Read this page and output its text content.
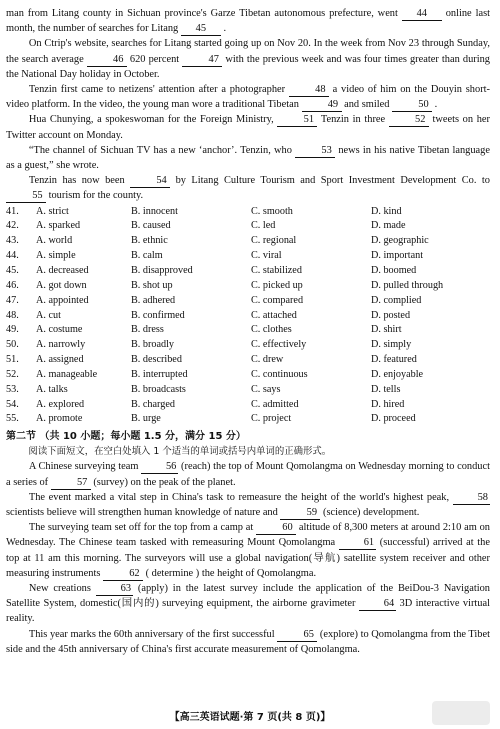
man from Litang county in Sichuan province's Garze Tibetan autonomous prefecture, went 44 online last month, the number of searches for Litang 45 .

On Ctrip's website, searches for Litang started going up on Nov 20. In the week from Nov 23 through Sunday, the search average	46 620 percent	47 with the previous week and was four times greater than during the National Day holiday in October.

Tenzin first came to netizens' attention after a photographer	48 a video of him on the Douyin short-video platform. In the video, the young man wore a traditional Tibetan	49 and smiled	50 .

Hua Chunying, a spokeswoman for the Foreign Ministry,	51 Tenzin in three	52 tweets on her Twitter account on Monday.

“The channel of Sichuan TV has a new ‘anchor’. Tenzin, who	53 news in his native Tibetan language as a guest,” she wrote.

Tenzin has now been	54 by Litang Culture Tourism and Sport Investment Development Co. to 55 tourism for the county.

41.	A. strict	B. innocent	C. smooth	D. kind
42.	A. sparked	B. caused	C. led	D. made
43.	A. world	B. ethnic	C. regional	D. geographic
44.	A. simple	B. calm	C. viral	D. important
45.	A. decreased	B. disapproved	C. stabilized	D. boomed
46.	A. got down	B. shot up	C. picked up	D. pulled through
47.	A. appointed	B. adhered	C. compared	D. complied
48.	A. cut	B. confirmed	C. attached	D. posted
49.	A. costume	B. dress	C. clothes	D. shirt
50.	A. narrowly	B. broadly	C. effectively	D. simply
51.	A. assigned	B. described	C. drew	D. featured
52.	A. manageable	B. interrupted	C. continuous	D. enjoyable
53.	A. talks	B. broadcasts	C. says	D. tells
54.	A. explored	B. charged	C. admitted	D. hired
55.	A. promote	B. urge	C. project	D. proceed
第二节 （共 10 小题；每小题 1.5 分，满分 15 分）

阅读下面短文，在空白处填入 1 个适当的单词或括号内单词的正确形式。

A Chinese surveying team 56 (reach) the top of Mount Qomolangma on Wednesday morning to conduct a series of	57 (survey) on the peak of the planet.

The event marked a vital step in China's task to remeasure the height of the world's highest peak, 58 scientists believe will strengthen human knowledge of nature and	59 (science) development.

The surveying team set off for the top from a camp at	60 altitude of 8,300 meters at around 2:10 am on Wednesday. The Chinese team tasked with remeasuring Mount Qomolangma 61 (successful) arrived at the top at 11 am this morning. The surveyors will use a global navigation(导航) satellite system receiver and other measuring instruments	62 ( determine ) the height of Qomolangma.

New creations 63 (apply) in the latest survey include the application of the BeiDou-3 Navigation Satellite System, domestic(国内的) surveying equipment, the airborne gravimeter 64 3D interactive virtual reality.

This year marks the 60th anniversary of the first successful	65 (explore) to Qomolangma from the Tibet side and the 45th anniversary of China's first accurate measurement of Qomolangma.

【高三英语试题·第 7 页(共 8 页)】
